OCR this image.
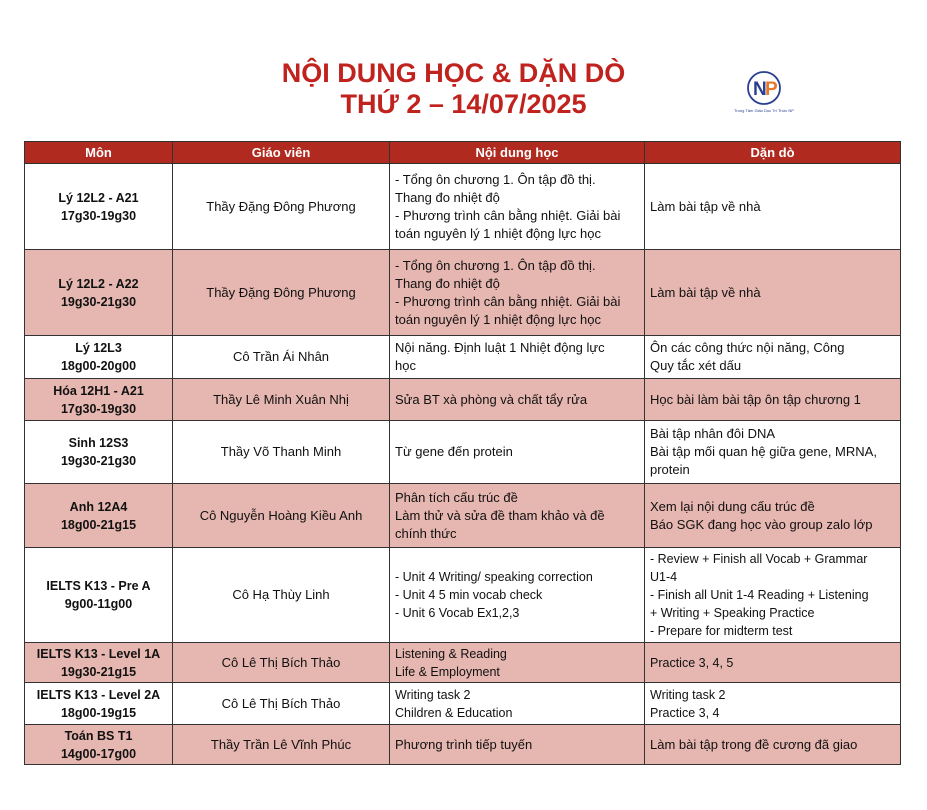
NỘI DUNG HỌC & DẶN DÒ
THỨ 2 – 14/07/2025	N
P
Trung Tâm Giáo Dục Trí Thức NP
Môn	Giáo viên	Nội dung học	Dặn dò

Lý 12L2 - A21
17g30-19g30	Thầy Đặng Đông Phương	- Tổng ôn chương 1. Ôn tập đồ thị.
Thang đo nhiệt độ
- Phương trình cân bằng nhiệt. Giải bài
toán nguyên lý 1 nhiệt động lực học	Làm bài tập về nhà

Lý 12L2 - A22
19g30-21g30	Thầy Đặng Đông Phương	- Tổng ôn chương 1. Ôn tập đồ thị.
Thang đo nhiệt độ
- Phương trình cân bằng nhiệt. Giải bài
toán nguyên lý 1 nhiệt động lực học	Làm bài tập về nhà

Lý 12L3
18g00-20g00	Cô Trần Ái Nhân	Nội năng. Định luật 1 Nhiệt động lực
học	Ôn các công thức nội năng, Công
Quy tắc xét dấu

Hóa 12H1 - A21
17g30-19g30	Thầy Lê Minh Xuân Nhị	Sửa BT xà phòng và chất tẩy rửa	Học bài làm bài tập ôn tập chương 1

Sinh 12S3
19g30-21g30	Thầy Võ Thanh Minh	Từ gene đến protein	Bài tập nhân đôi DNA
Bài tập mối quan hệ giữa gene, MRNA,
protein

Anh 12A4
18g00-21g15	Cô Nguyễn Hoàng Kiều Anh	Phân tích cấu trúc đề
Làm thử và sửa đề tham khảo và đề
chính thức	Xem lại nội dung cấu trúc đề
Báo SGK đang học vào group zalo lớp

IELTS K13 - Pre A
9g00-11g00	Cô Hạ Thùy Linh	- Unit 4 Writing/ speaking correction
- Unit 4 5 min vocab check
- Unit 6 Vocab Ex1,2,3	- Review + Finish all Vocab + Grammar
U1-4
- Finish all Unit 1-4 Reading + Listening
+ Writing + Speaking Practice
- Prepare for midterm test

IELTS K13 - Level 1A
19g30-21g15	Cô Lê Thị Bích Thảo	Listening & Reading
Life & Employment	Practice 3, 4, 5

IELTS K13 - Level 2A
18g00-19g15	Cô Lê Thị Bích Thảo	Writing task 2
Children & Education	Writing task 2
Practice 3, 4

Toán BS T1
14g00-17g00	Thầy Trần Lê Vĩnh Phúc	Phương trình tiếp tuyến	Làm bài tập trong đề cương đã giao
